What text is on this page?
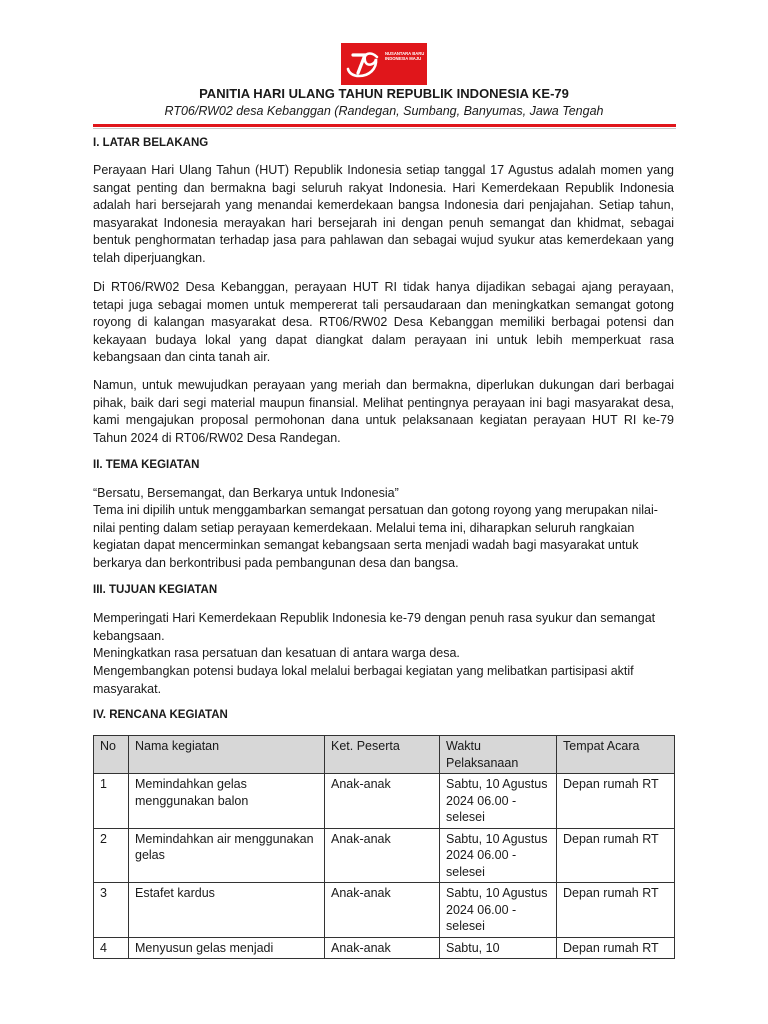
NUSANTARA BARU INDONESIA MAJU
PANITIA HARI ULANG TAHUN REPUBLIK INDONESIA KE-79
RT06/RW02 desa Kebanggan (Randegan, Sumbang, Banyumas, Jawa Tengah
I. LATAR BELAKANG
Perayaan Hari Ulang Tahun (HUT) Republik Indonesia setiap tanggal 17 Agustus adalah momen yang sangat penting dan bermakna bagi seluruh rakyat Indonesia. Hari Kemerdekaan Republik Indonesia adalah hari bersejarah yang menandai kemerdekaan bangsa Indonesia dari penjajahan. Setiap tahun, masyarakat Indonesia merayakan hari bersejarah ini dengan penuh semangat dan khidmat, sebagai bentuk penghormatan terhadap jasa para pahlawan dan sebagai wujud syukur atas kemerdekaan yang telah diperjuangkan.
Di RT06/RW02 Desa Kebanggan, perayaan HUT RI tidak hanya dijadikan sebagai ajang perayaan, tetapi juga sebagai momen untuk mempererat tali persaudaraan dan meningkatkan semangat gotong royong di kalangan masyarakat desa. RT06/RW02 Desa Kebanggan memiliki berbagai potensi dan kekayaan budaya lokal yang dapat diangkat dalam perayaan ini untuk lebih memperkuat rasa kebangsaan dan cinta tanah air.
Namun, untuk mewujudkan perayaan yang meriah dan bermakna, diperlukan dukungan dari berbagai pihak, baik dari segi material maupun finansial. Melihat pentingnya perayaan ini bagi masyarakat desa, kami mengajukan proposal permohonan dana untuk pelaksanaan kegiatan perayaan HUT RI ke-79 Tahun 2024 di RT06/RW02 Desa Randegan.
II. TEMA KEGIATAN
“Bersatu, Bersemangat, dan Berkarya untuk Indonesia”
Tema ini dipilih untuk menggambarkan semangat persatuan dan gotong royong yang merupakan nilai-nilai penting dalam setiap perayaan kemerdekaan. Melalui tema ini, diharapkan seluruh rangkaian kegiatan dapat mencerminkan semangat kebangsaan serta menjadi wadah bagi masyarakat untuk berkarya dan berkontribusi pada pembangunan desa dan bangsa.
III. TUJUAN KEGIATAN
Memperingati Hari Kemerdekaan Republik Indonesia ke-79 dengan penuh rasa syukur dan semangat kebangsaan.
Meningkatkan rasa persatuan dan kesatuan di antara warga desa.
Mengembangkan potensi budaya lokal melalui berbagai kegiatan yang melibatkan partisipasi aktif masyarakat.
IV. RENCANA KEGIATAN
No	Nama kegiatan	Ket. Peserta	Waktu Pelaksanaan	Tempat Acara
1	Memindahkan gelas menggunakan balon	Anak-anak	Sabtu, 10 Agustus 2024 06.00 - selesei	Depan rumah RT
2	Memindahkan air menggunakan gelas	Anak-anak	Sabtu, 10 Agustus 2024 06.00 - selesei	Depan rumah RT
3	Estafet kardus	Anak-anak	Sabtu, 10 Agustus 2024 06.00 - selesei	Depan rumah RT
4	Menyusun gelas menjadi	Anak-anak	Sabtu, 10	Depan rumah RT
